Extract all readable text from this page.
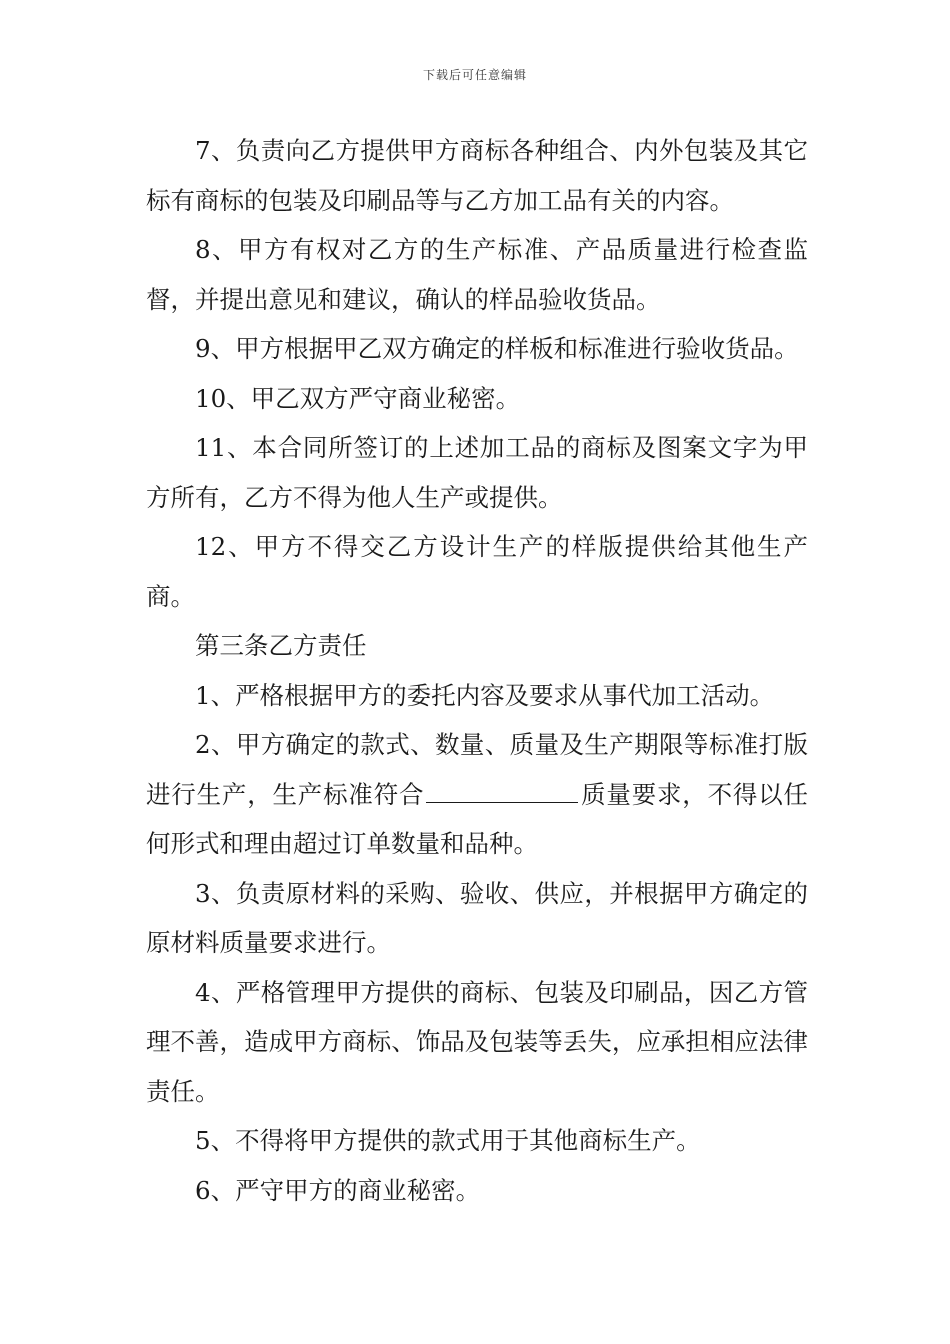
下载后可任意编辑

7、负责向乙方提供甲方商标各种组合、内外包装及其它标有商标的包装及印刷品等与乙方加工品有关的内容。

8、甲方有权对乙方的生产标准、产品质量进行检查监督，并提出意见和建议，确认的样品验收货品。

9、甲方根据甲乙双方确定的样板和标准进行验收货品。

10、甲乙双方严守商业秘密。

11、本合同所签订的上述加工品的商标及图案文字为甲方所有，乙方不得为他人生产或提供。

12、甲方不得交乙方设计生产的样版提供给其他生产商。

第三条乙方责任

1、严格根据甲方的委托内容及要求从事代加工活动。

2、甲方确定的款式、数量、质量及生产期限等标准打版进行生产，生产标准符合	质量要求，不得以任何形式和理由超过订单数量和品种。

3、负责原材料的采购、验收、供应，并根据甲方确定的原材料质量要求进行。

4、严格管理甲方提供的商标、包装及印刷品，因乙方管理不善，造成甲方商标、饰品及包装等丢失，应承担相应法律责任。

5、不得将甲方提供的款式用于其他商标生产。

6、严守甲方的商业秘密。
